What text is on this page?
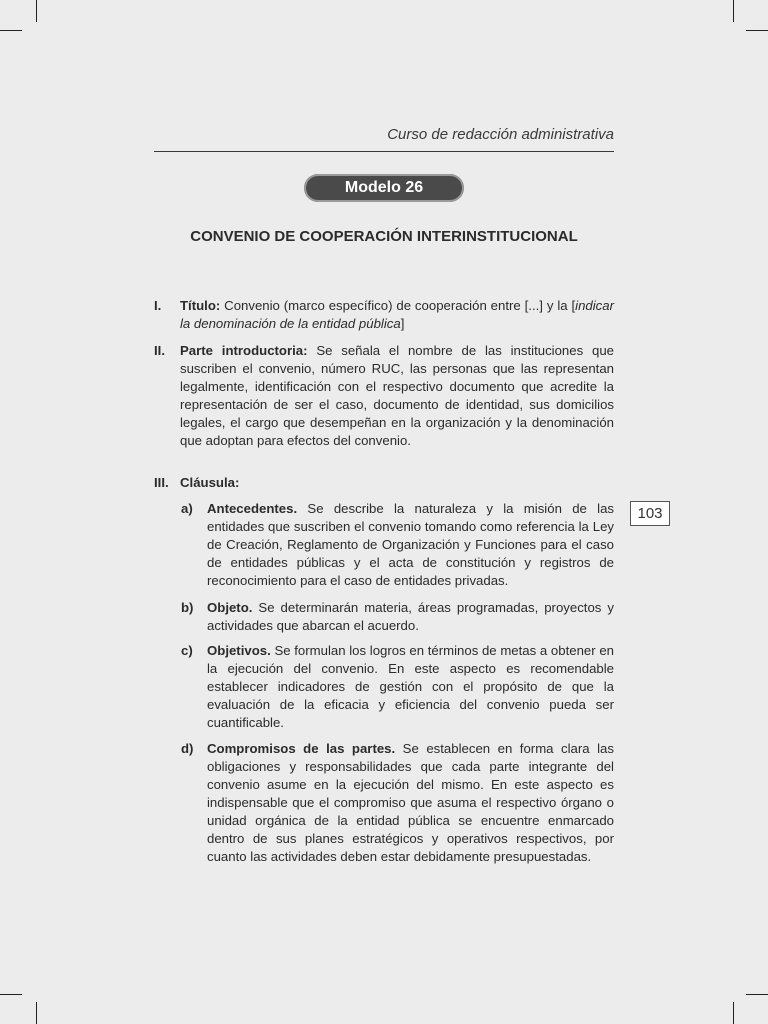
Curso de redacción administrativa
Modelo 26
CONVENIO DE COOPERACIÓN INTERINSTITUCIONAL
103
I. Título: Convenio (marco específico) de cooperación entre [...] y la [indicar la denominación de la entidad pública]
II. Parte introductoria: Se señala el nombre de las instituciones que suscriben el convenio, número RUC, las personas que las representan legalmente, identificación con el respectivo documento que acredite la representación de ser el caso, documento de identidad, sus domicilios legales, el cargo que desempeñan en la organización y la denominación que adoptan para efectos del convenio.
III. Cláusula:
a) Antecedentes. Se describe la naturaleza y la misión de las entidades que suscriben el convenio tomando como referencia la Ley de Creación, Reglamento de Organización y Funciones para el caso de entidades públicas y el acta de constitución y registros de reconocimiento para el caso de entidades privadas.
b) Objeto. Se determinarán materia, áreas programadas, proyectos y actividades que abarcan el acuerdo.
c) Objetivos. Se formulan los logros en términos de metas a obtener en la ejecución del convenio. En este aspecto es recomendable establecer indicadores de gestión con el propósito de que la evaluación de la eficacia y eficiencia del convenio pueda ser cuantificable.
d) Compromisos de las partes. Se establecen en forma clara las obligaciones y responsabilidades que cada parte integrante del convenio asume en la ejecución del mismo. En este aspecto es indispensable que el compromiso que asuma el respectivo órgano o unidad orgánica de la entidad pública se encuentre enmarcado dentro de sus planes estratégicos y operativos respectivos, por cuanto las actividades deben estar debidamente presupuestadas.
